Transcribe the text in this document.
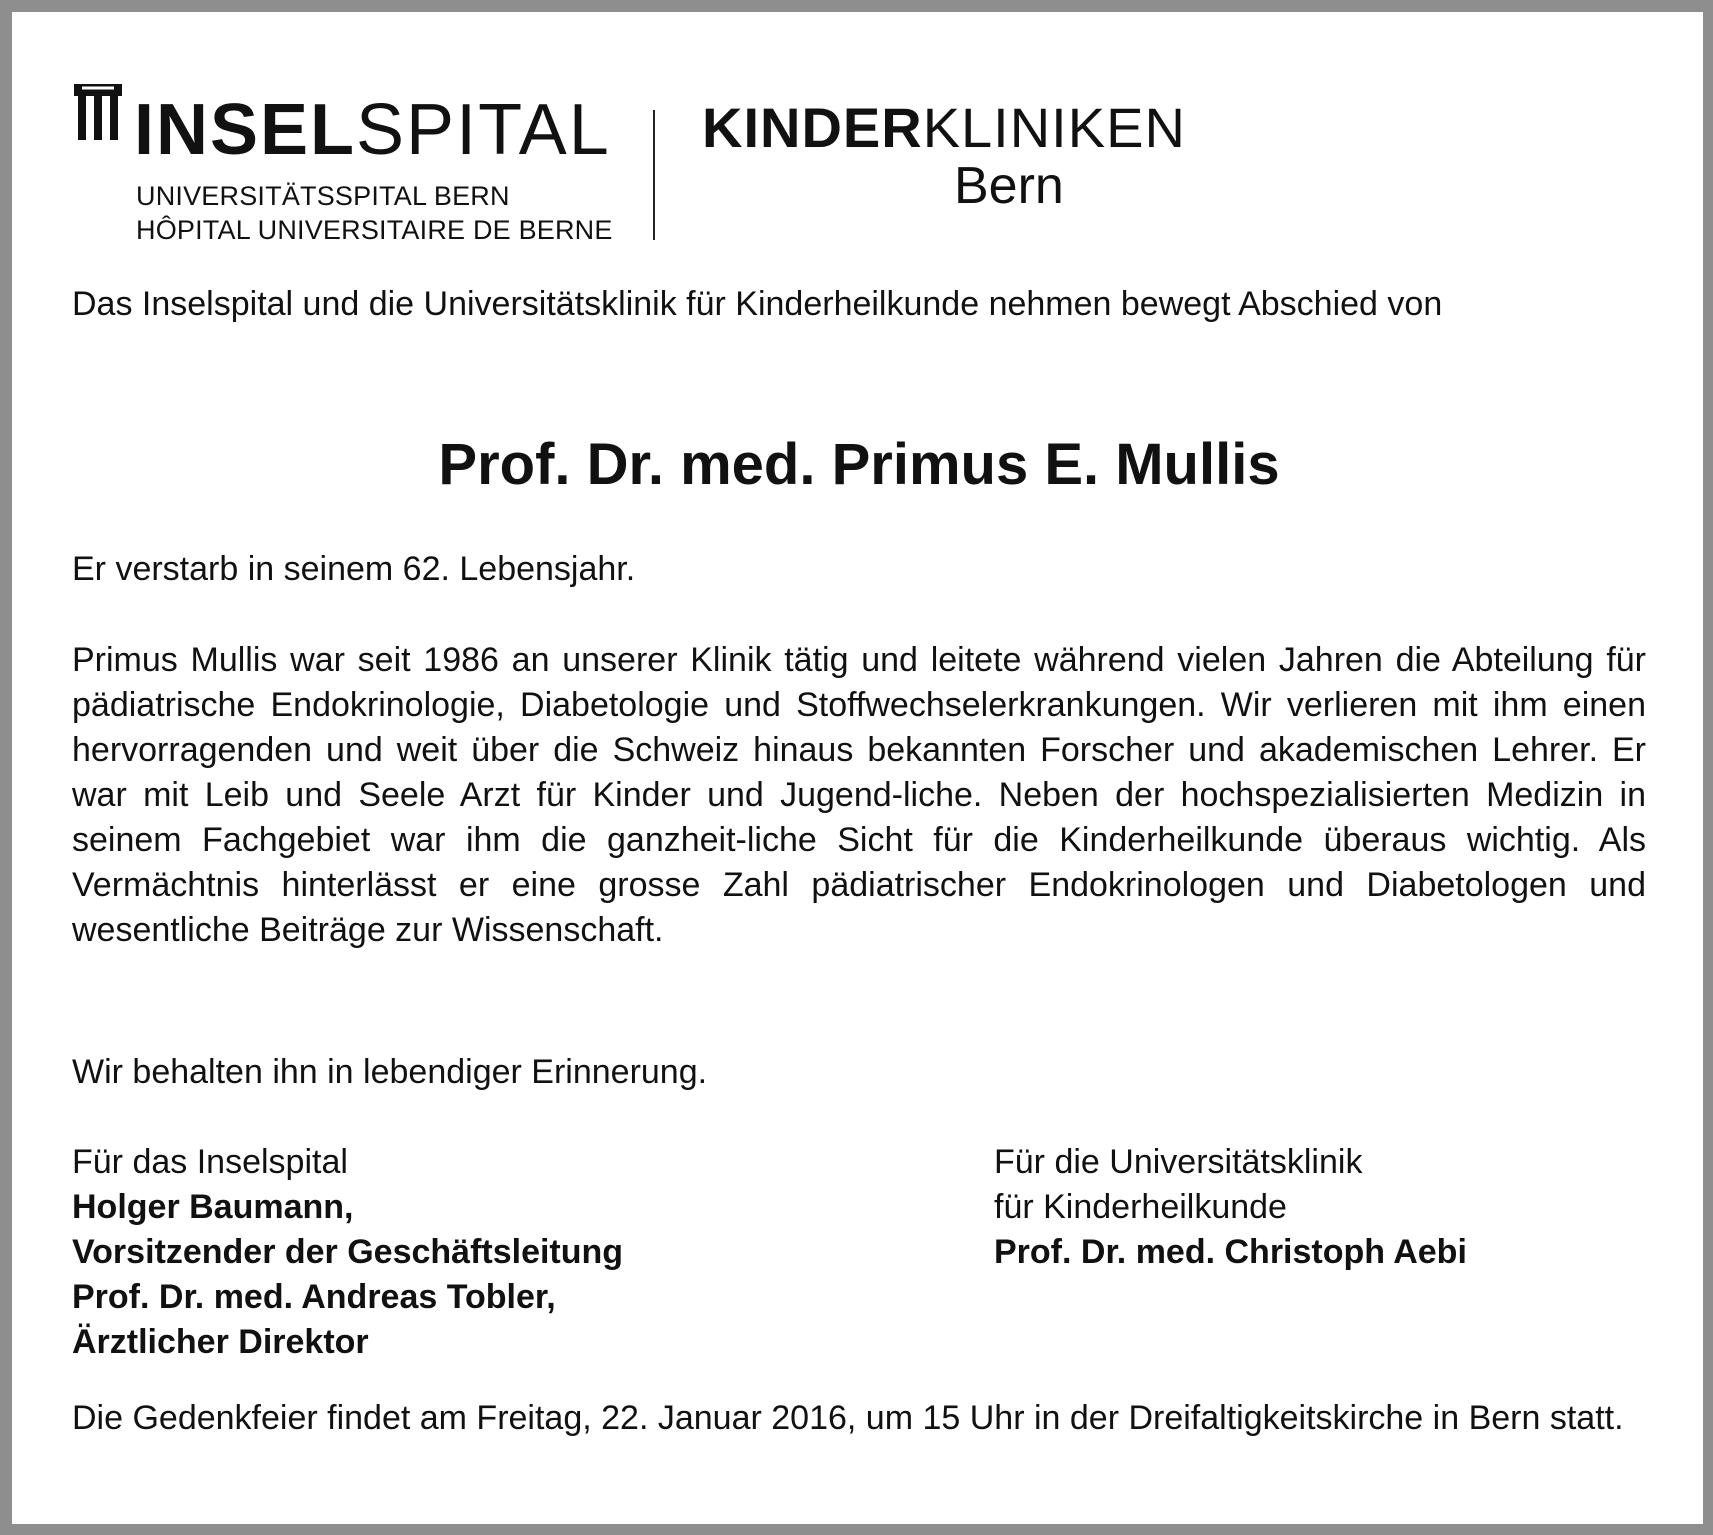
INSELSPITAL
UNIVERSITÄTSSPITAL BERN
HÔPITAL UNIVERSITAIRE DE BERNE
KINDERKLINIKEN
Bern

Das Inselspital und die Universitätsklinik für Kinderheilkunde nehmen bewegt Abschied von

Prof. Dr. med. Primus E. Mullis

Er verstarb in seinem 62. Lebensjahr.

Primus Mullis war seit 1986 an unserer Klinik tätig und leitete während vielen Jahren die Abteilung für pädiatrische Endokrinologie, Diabetologie und Stoffwechselerkrankungen. Wir verlieren mit ihm einen hervorragenden und weit über die Schweiz hinaus bekannten Forscher und akademischen Lehrer. Er war mit Leib und Seele Arzt für Kinder und Jugend-liche. Neben der hochspezialisierten Medizin in seinem Fachgebiet war ihm die ganzheit-liche Sicht für die Kinderheilkunde überaus wichtig. Als Vermächtnis hinterlässt er eine grosse Zahl pädiatrischer Endokrinologen und Diabetologen und wesentliche Beiträge zur Wissenschaft.

Wir behalten ihn in lebendiger Erinnerung.

Für das Inselspital
Holger Baumann,
Vorsitzender der Geschäftsleitung
Prof. Dr. med. Andreas Tobler,
Ärztlicher Direktor
Für die Universitätsklinik
für Kinderheilkunde
Prof. Dr. med. Christoph Aebi

Die Gedenkfeier findet am Freitag, 22. Januar 2016, um 15 Uhr in der Dreifaltigkeitskirche in Bern statt.
